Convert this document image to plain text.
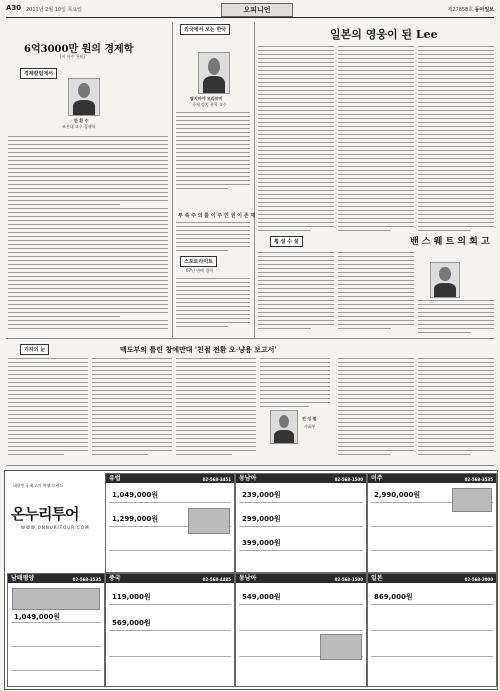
A30 2011년 2월 10일 목요일	오피니언	제27858호 동아일보
6억3000만 원의 경제학
[이 아주 천원]
경제칼럼에서
한 환 수
조선대 교수·경제학
외국에서 보는 한국
탐지마야 모리뷰미
국제 정치 유학 교수
부 족 주 의 를 이 주 인 권 이 존 재
스포트라이트
67년 만에 경력
일본의 영웅이 된 Lee
횡 설 수 설	밴 스 웨 트 의 회 고
기자의 눈	맥도부의 틀린 창에만대 '친절 전환 오·냥용 보고서'
전 성 철
사회부
대한민국 최고의 여행 브랜드
온누리투어
WWW.ONNURITOUR.COM
유럽	02-568-3451
1,049,000원
1,299,000원
동남아	02-568-1500
239,000원
299,000원
399,000원
미주	02-568-3535
2,990,000원
남태평양	02-568-3535
1,049,000원
중국	02-568-4485
119,000원
569,000원
동남아	02-568-1500
549,000원
일본	02-568-2000
869,000원
